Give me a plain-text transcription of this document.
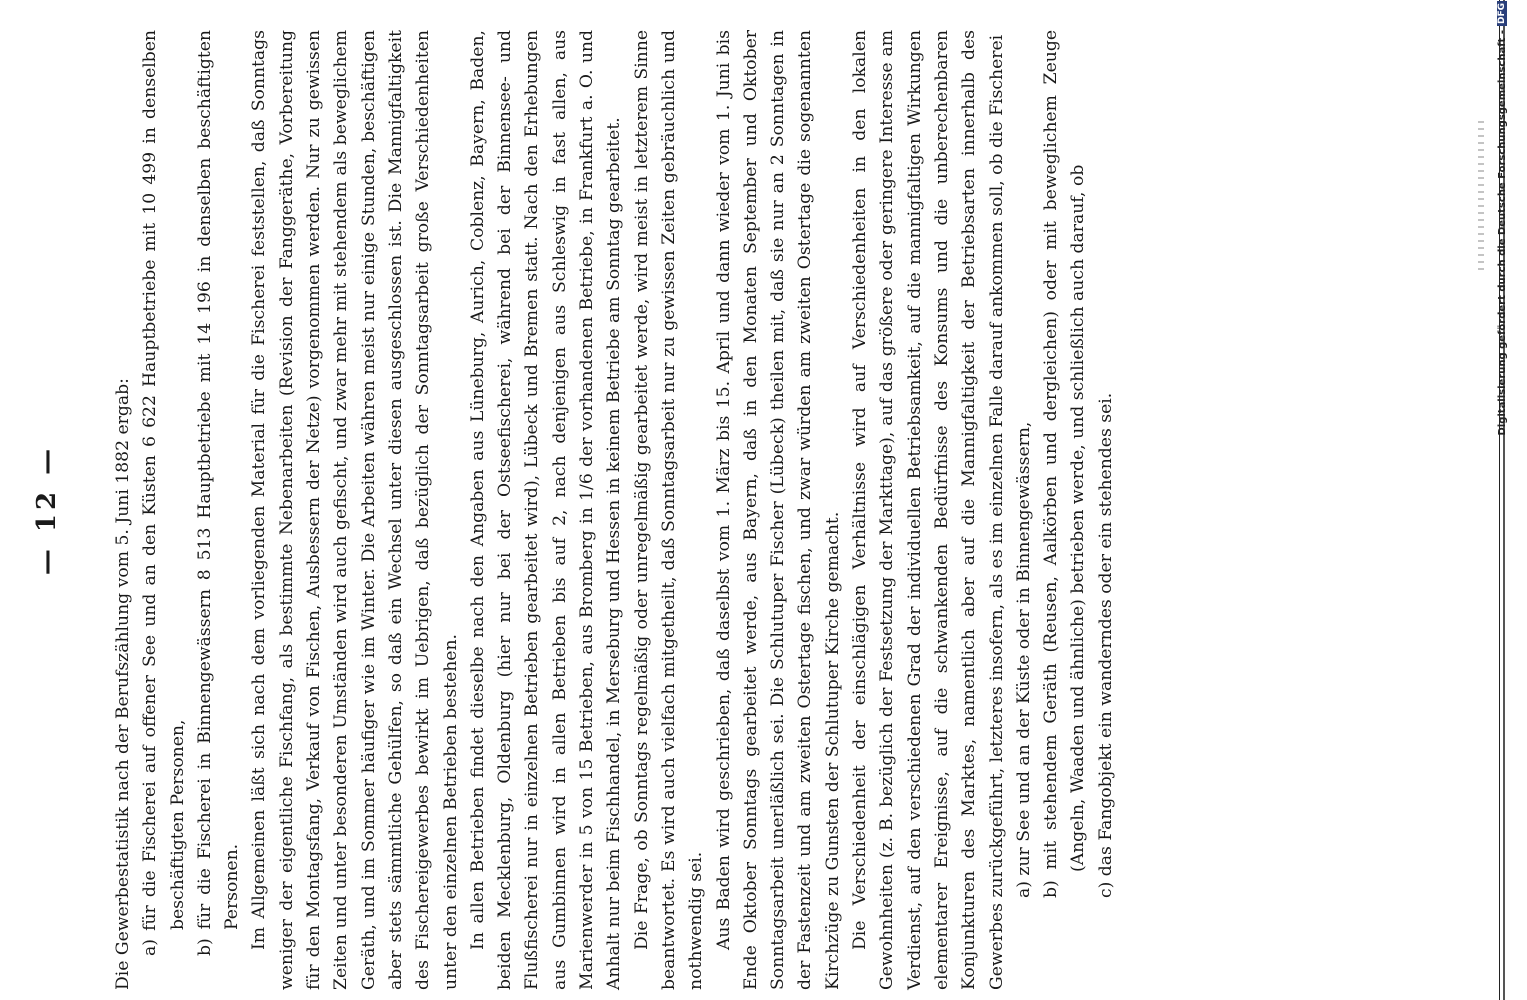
— 12 —	Die Gewerbestatistik nach der Berufszählung vom 5. Juni 1882 ergab: a) für die Fischerei auf offener See und an den Küsten 6 622 Hauptbetriebe mit 10 499 in denselben beschäftigten Personen, b) für die Fischerei in Binnengewässern 8 513 Hauptbetriebe mit 14 196 in denselben beschäftigten Personen. Im Allgemeinen läßt sich nach dem vorliegenden Material für die Fischerei feststellen, daß Sonntags weniger der eigentliche Fischfang, als bestimmte Nebenarbeiten (Revision der Fanggeräthe, Vorbereitung für den Montagsfang, Verkauf von Fischen, Ausbessern der Netze) vorgenommen werden. Nur zu gewissen Zeiten und unter besonderen Umständen wird auch gefischt, und zwar mehr mit stehendem als beweglichem Geräth, und im Sommer häufiger wie im Winter. Die Arbeiten währen meist nur einige Stunden, beschäftigen aber stets sämmtliche Gehülfen, so daß ein Wechsel unter diesen ausgeschlossen ist. Die Mannigfaltigkeit des Fischereigewerbes bewirkt im Uebrigen, daß bezüglich der Sonntagsarbeit große Verschiedenheiten unter den einzelnen Betrieben bestehen. In allen Betrieben findet dieselbe nach den Angaben aus Lüneburg, Aurich, Coblenz, Bayern, Baden, beiden Mecklenburg, Oldenburg (hier nur bei der Ostseefischerei, während bei der Binnensee- und Flußfischerei nur in einzelnen Betrieben gearbeitet wird), Lübeck und Bremen statt. Nach den Erhebungen aus Gumbinnen wird in allen Betrieben bis auf 2, nach denjenigen aus Schleswig in fast allen, aus Marienwerder in 5 von 15 Betrieben, aus Bromberg in 1/6 der vorhandenen Betriebe, in Frankfurt a. O. und Anhalt nur beim Fischhandel, in Merseburg und Hessen in keinem Betriebe am Sonntag gearbeitet. Die Frage, ob Sonntags regelmäßig oder unregelmäßig gearbeitet werde, wird meist in letzterem Sinne beantwortet. Es wird auch vielfach mitgetheilt, daß Sonntagsarbeit nur zu gewissen Zeiten gebräuchlich und nothwendig sei. Aus Baden wird geschrieben, daß daselbst vom 1. März bis 15. April und dann wieder vom 1. Juni bis Ende Oktober Sonntags gearbeitet werde, aus Bayern, daß in den Monaten September und Oktober Sonntagsarbeit unerläßlich sei. Die Schlutuper Fischer (Lübeck) theilen mit, daß sie nur an 2 Sonntagen in der Fastenzeit und am zweiten Ostertage fischen, und zwar würden am zweiten Ostertage die sogenannten Kirchzüge zu Gunsten der Schlutuper Kirche gemacht. Die Verschiedenheit der einschlägigen Verhältnisse wird auf Verschiedenheiten in den lokalen Gewohnheiten (z. B. bezüglich der Festsetzung der Markttage), auf das größere oder geringere Interesse am Verdienst, auf den verschiedenen Grad der individuellen Betriebsamkeit, auf die mannigfaltigen Wirkungen elementarer Ereignisse, auf die schwankenden Bedürfnisse des Konsums und die unberechenbaren Konjunkturen des Marktes, namentlich aber auf die Mannigfaltigkeit der Betriebsarten innerhalb des Gewerbes zurückgeführt, letzteres insofern, als es im einzelnen Falle darauf ankommen soll, ob die Fischerei a) zur See und an der Küste oder in Binnengewässern, b) mit stehendem Geräth (Reusen, Aalkörben und dergleichen) oder mit beweglichem Zeuge (Angeln, Waaden und ähnliche) betrieben werde, und schließlich auch darauf, ob c) das Fangobjekt ein wanderndes oder ein stehendes sei.

Digitalisierung gefördert durch die Deutsche Forschungsgemeinschaft -DFG
